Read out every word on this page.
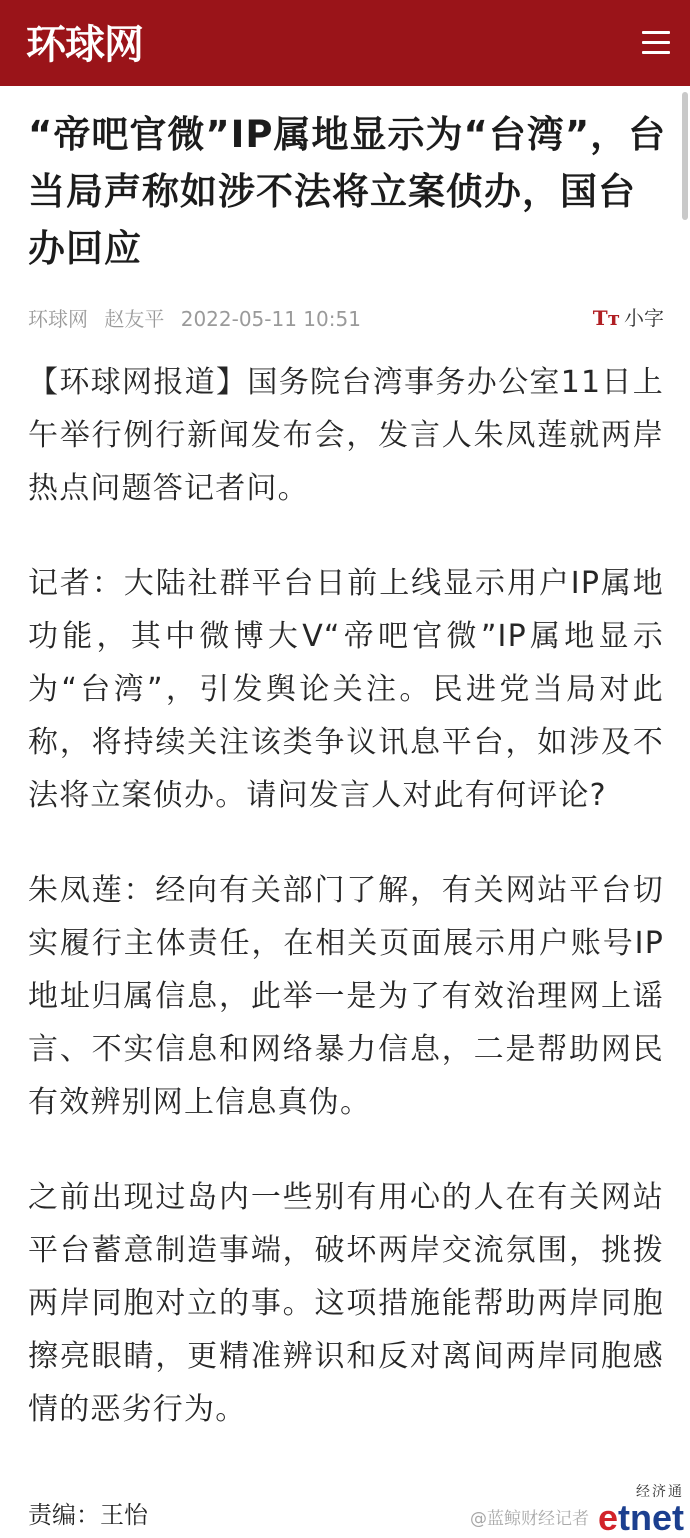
环球网
“帝吧官微”IP属地显示为“台湾”，台当局声称如涉不法将立案侦办，国台办回应
环球网 赵友平 2022-05-11 10:51	Tт 小字

【环球网报道】国务院台湾事务办公室11日上午举行例行新闻发布会，发言人朱凤莲就两岸热点问题答记者问。

记者：大陆社群平台日前上线显示用户IP属地功能，其中微博大V“帝吧官微”IP属地显示为“台湾”，引发舆论关注。民进党当局对此称，将持续关注该类争议讯息平台，如涉及不法将立案侦办。请问发言人对此有何评论?

朱凤莲：经向有关部门了解，有关网站平台切实履行主体责任，在相关页面展示用户账号IP地址归属信息，此举一是为了有效治理网上谣言、不实信息和网络暴力信息，二是帮助网民有效辨别网上信息真伪。

之前出现过岛内一些别有用心的人在有关网站平台蓄意制造事端，破坏两岸交流氛围，挑拨两岸同胞对立的事。这项措施能帮助两岸同胞擦亮眼睛，更精准辨识和反对离间两岸同胞感情的恶劣行为。

责编：王怡	@蓝鲸财经记者
经济通
etnet
